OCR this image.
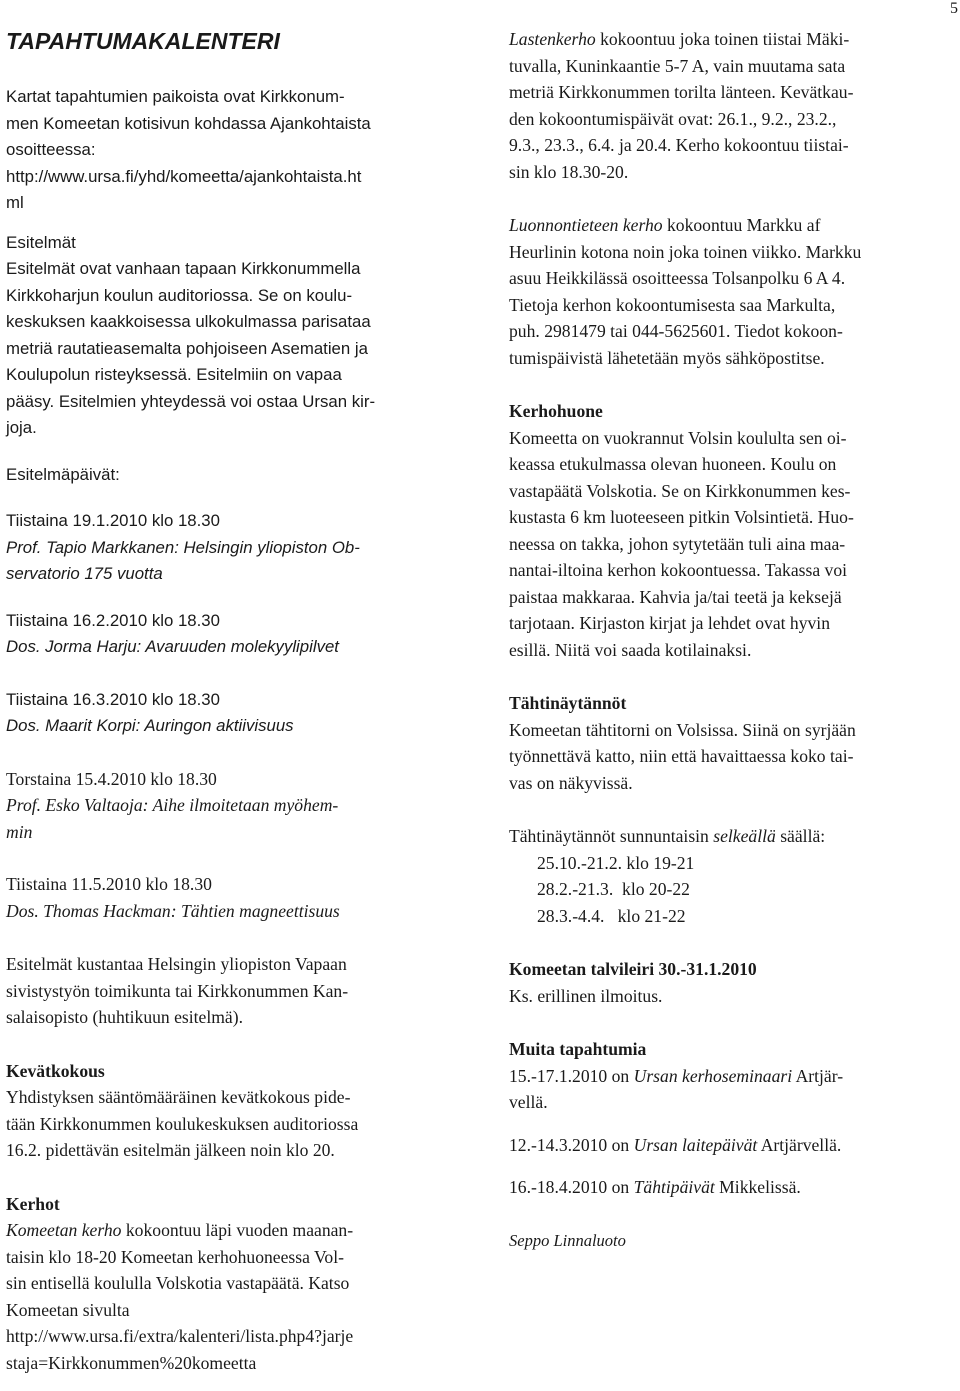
5
TAPAHTUMAKALENTERI

Kartat tapahtumien paikoista ovat Kirkkonum-

men Komeetan kotisivun kohdassa Ajankohtaista

osoitteessa:

http://www.ursa.fi/yhd/komeetta/ajankohtaista.ht

ml

Esitelmät

Esitelmät ovat vanhaan tapaan Kirkkonummella

Kirkkoharjun koulun auditoriossa. Se on koulu-

keskuksen kaakkoisessa ulkokulmassa parisataa

metriä rautatieasemalta pohjoiseen Asematien ja

Koulupolun risteyksessä. Esitelmiin on vapaa

pääsy. Esitelmien yhteydessä voi ostaa Ursan kir-

joja.

Esitelmäpäivät:

Tiistaina 19.1.2010 klo 18.30

Prof. Tapio Markkanen: Helsingin yliopiston Ob-

servatorio 175 vuotta

Tiistaina 16.2.2010 klo 18.30

Dos. Jorma Harju: Avaruuden molekyylipilvet

Tiistaina 16.3.2010 klo 18.30

Dos. Maarit Korpi: Auringon aktiivisuus

Torstaina 15.4.2010 klo 18.30

Prof. Esko Valtaoja: Aihe ilmoitetaan myöhem-

min

Tiistaina 11.5.2010 klo 18.30

Dos. Thomas Hackman: Tähtien magneettisuus

Esitelmät kustantaa Helsingin yliopiston Vapaan

sivistystyön toimikunta tai Kirkkonummen Kan-

salaisopisto (huhtikuun esitelmä).

Kevätkokous

Yhdistyksen sääntömääräinen kevätkokous pide-

tään Kirkkonummen koulukeskuksen auditoriossa

16.2. pidettävän esitelmän jälkeen noin klo 20.

Kerhot

Komeetan kerho kokoontuu läpi vuoden maanan-

taisin klo 18-20 Komeetan kerhohuoneessa Vol-

sin entisellä koululla Volskotia vastapäätä. Katso

Komeetan sivulta

http://www.ursa.fi/extra/kalenteri/lista.php4?jarje

staja=Kirkkonummen%20komeetta

Lastenkerho kokoontuu joka toinen tiistai Mäki-

tuvalla, Kuninkaantie 5-7 A, vain muutama sata

metriä Kirkkonummen torilta länteen. Kevätkau-

den kokoontumispäivät ovat: 26.1., 9.2., 23.2.,

9.3., 23.3., 6.4. ja 20.4. Kerho kokoontuu tiistai-

sin klo 18.30-20.

Luonnontieteen kerho kokoontuu Markku af

Heurlinin kotona noin joka toinen viikko. Markku

asuu Heikkilässä osoitteessa Tolsanpolku 6 A 4.

Tietoja kerhon kokoontumisesta saa Markulta,

puh. 2981479 tai 044-5625601. Tiedot kokoon-

tumispäivistä lähetetään myös sähköpostitse.

Kerhohuone

Komeetta on vuokrannut Volsin koululta sen oi-

keassa etukulmassa olevan huoneen. Koulu on

vastapäätä Volskotia. Se on Kirkkonummen kes-

kustasta 6 km luoteeseen pitkin Volsintietä. Huo-

neessa on takka, johon sytytetään tuli aina maa-

nantai-iltoina kerhon kokoontuessa. Takassa voi

paistaa makkaraa. Kahvia ja/tai teetä ja keksejä

tarjotaan. Kirjaston kirjat ja lehdet ovat hyvin

esillä. Niitä voi saada kotilainaksi.

Tähtinäytännöt

Komeetan tähtitorni on Volsissa. Siinä on syrjään

työnnettävä katto, niin että havaittaessa koko tai-

vas on näkyvissä.

Tähtinäytännöt sunnuntaisin selkeällä säällä:

25.10.-21.2. klo 19-21

28.2.-21.3.  klo 20-22

28.3.-4.4.   klo 21-22

Komeetan talvileiri 30.-31.1.2010

Ks. erillinen ilmoitus.

Muita tapahtumia

15.-17.1.2010 on Ursan kerhoseminaari Artjär-

vellä.

12.-14.3.2010 on Ursan laitepäivät Artjärvellä.

16.-18.4.2010 on Tähtipäivät Mikkelissä.

Seppo Linnaluoto
